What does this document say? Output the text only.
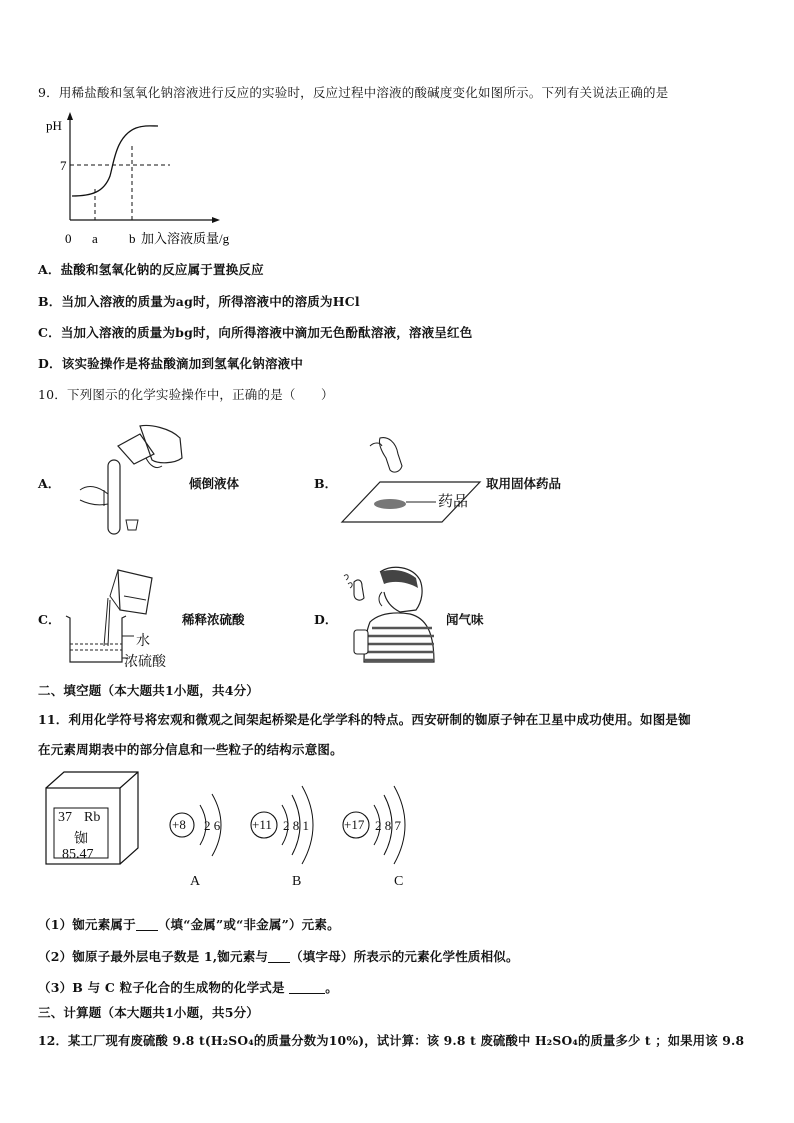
9．用稀盐酸和氢氧化钠溶液进行反应的实验时，反应过程中溶液的酸碱度变化如图所示。下列有关说法正确的是
pH
7
0 a b 加入溶液质量/g
A．盐酸和氢氧化钠的反应属于置换反应
B．当加入溶液的质量为ag时，所得溶液中的溶质为HCl
C．当加入溶液的质量为bg时，向所得溶液中滴加无色酚酞溶液，溶液呈红色
D．该实验操作是将盐酸滴加到氢氧化钠溶液中
10．下列图示的化学实验操作中，正确的是（　　）
A．	倾倒液体	B．
药品
取用固体药品
C．
水
浓硫酸
稀释浓硫酸	D．	闻气味
二、填空题（本大题共1小题，共4分）
11．利用化学符号将宏观和微观之间架起桥梁是化学学科的特点。西安研制的铷原子钟在卫星中成功使用。如图是铷
在元素周期表中的部分信息和一些粒子的结构示意图。
37 Rb
铷
85.47
+8 2 6
A
+11 2 8 1
B
+17 2 8 7
C
（1）铷元素属于 （填“金属”或“非金属”）元素。
（2）铷原子最外层电子数是 1,铷元素与 （填字母）所表示的元素化学性质相似。
（3）B 与 C 粒子化合的生成物的化学式是	。
三、计算题（本大题共1小题，共5分）
12．某工厂现有废硫酸 9.8 t(H₂SO₄的质量分数为10%)，试计算：该 9.8 t 废硫酸中 H₂SO₄的质量多少 t ；如果用该 9.8
